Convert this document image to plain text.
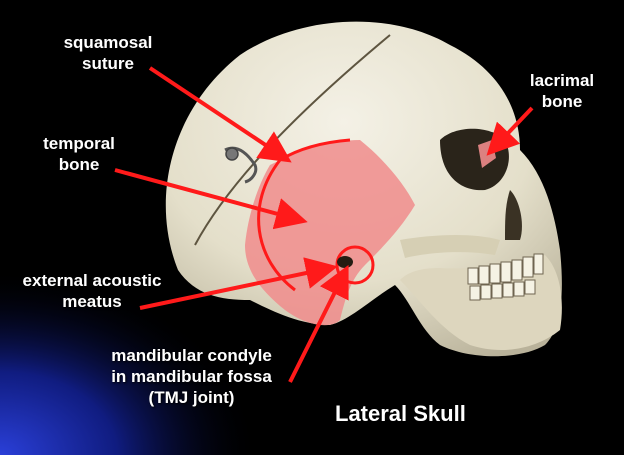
squamosal
suture
temporal
bone
external acoustic
meatus
mandibular condyle
in mandibular fossa
(TMJ joint)
lacrimal
bone
Lateral Skull
